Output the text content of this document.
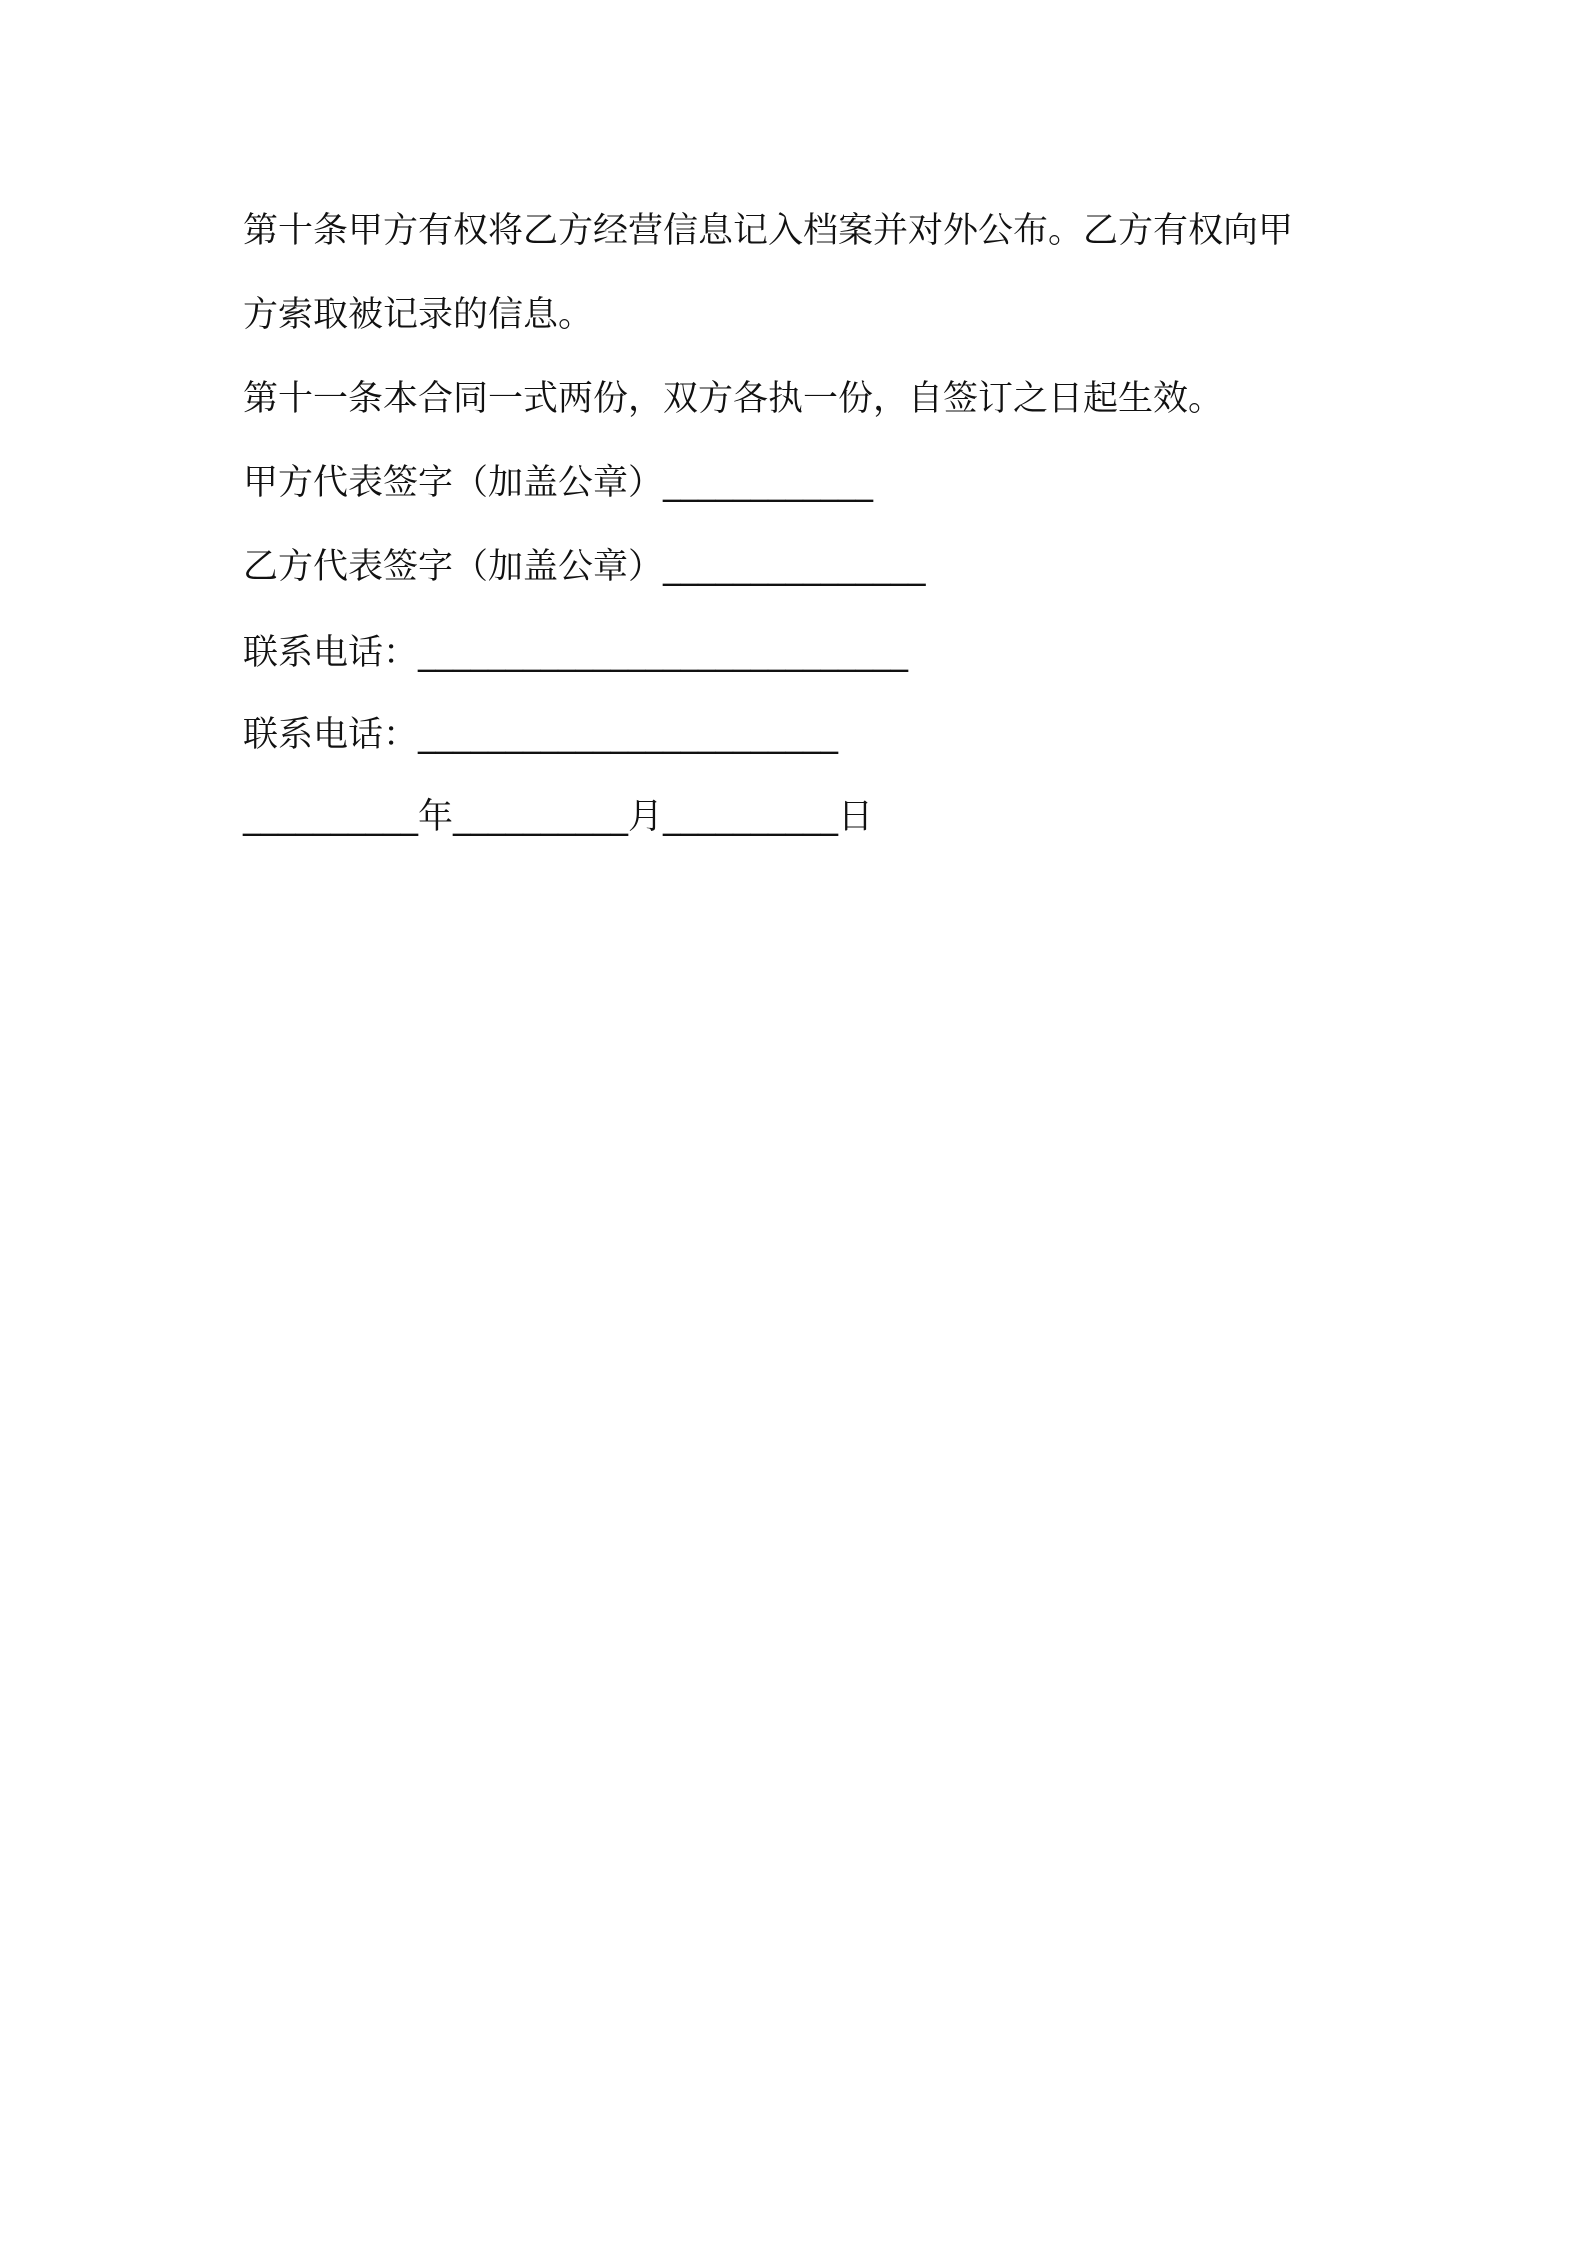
第十条甲方有权将乙方经营信息记入档案并对外公布。乙方有权向甲
方索取被记录的信息。
第十一条本合同一式两份，双方各执一份，自签订之日起生效。
甲方代表签字（加盖公章）____________
乙方代表签字（加盖公章）_______________
联系电话：____________________________
联系电话：________________________
__________年__________月__________日
